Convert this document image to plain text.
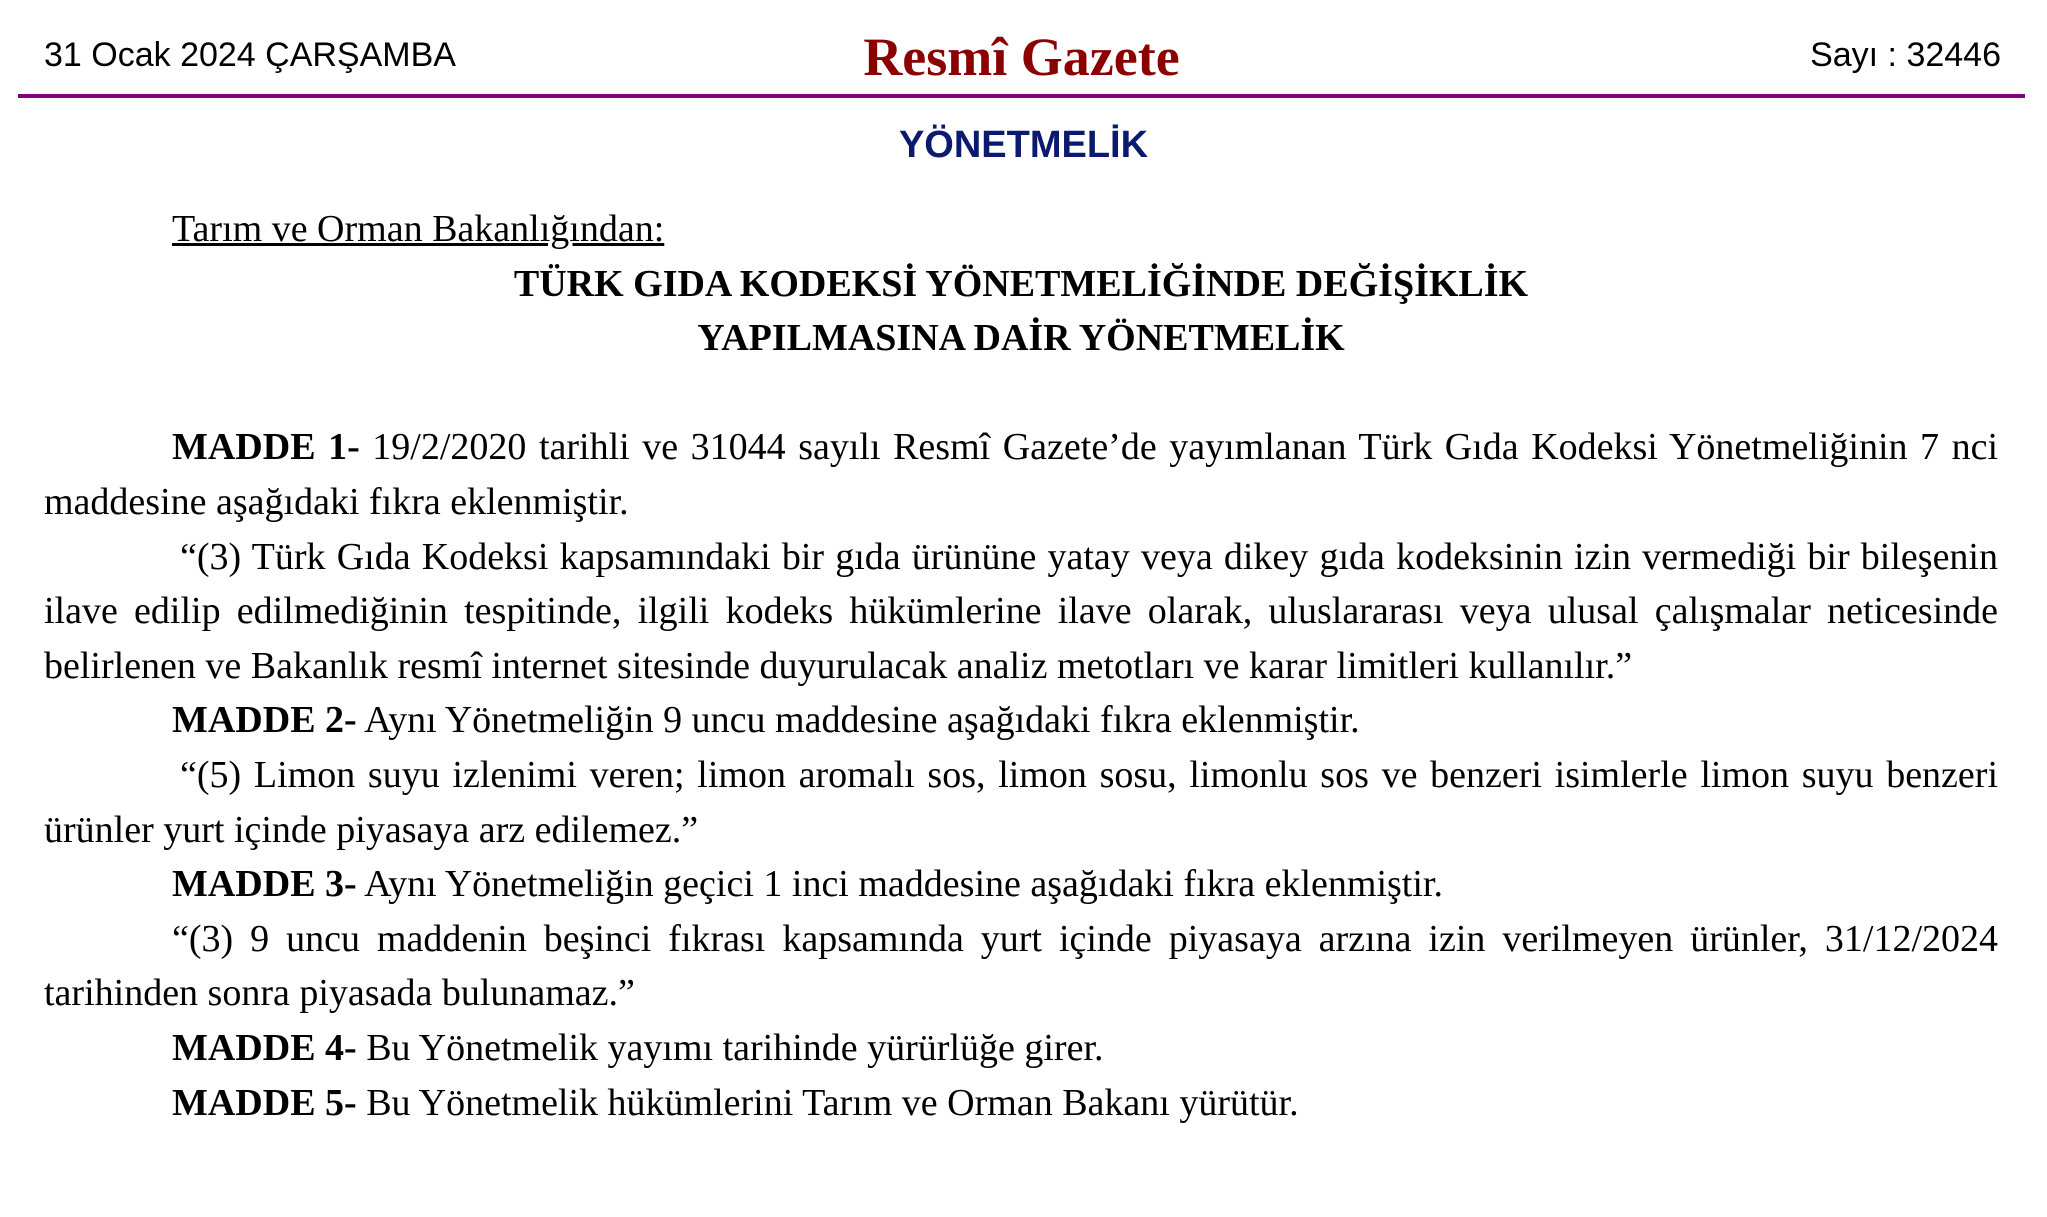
31 Ocak 2024 ÇARŞAMBA	Resmî Gazete	Sayı : 32446
YÖNETMELİK
Tarım ve Orman Bakanlığından:
TÜRK GIDA KODEKSİ YÖNETMELİĞİNDE DEĞİŞİKLİK
YAPILMASINA DAİR YÖNETMELİK

MADDE 1- 19/2/2020 tarihli ve 31044 sayılı Resmî Gazete’de yayımlanan Türk Gıda Kodeksi Yönetmeliğinin 7 nci maddesine aşağıdaki fıkra eklenmiştir.

“(3) Türk Gıda Kodeksi kapsamındaki bir gıda ürününe yatay veya dikey gıda kodeksinin izin vermediği bir bileşenin ilave edilip edilmediğinin tespitinde, ilgili kodeks hükümlerine ilave olarak, uluslararası veya ulusal çalışmalar neticesinde belirlenen ve Bakanlık resmî internet sitesinde duyurulacak analiz metotları ve karar limitleri kullanılır.”

MADDE 2- Aynı Yönetmeliğin 9 uncu maddesine aşağıdaki fıkra eklenmiştir.

“(5) Limon suyu izlenimi veren; limon aromalı sos, limon sosu, limonlu sos ve benzeri isimlerle limon suyu benzeri ürünler yurt içinde piyasaya arz edilemez.”

MADDE 3- Aynı Yönetmeliğin geçici 1 inci maddesine aşağıdaki fıkra eklenmiştir.

“(3) 9 uncu maddenin beşinci fıkrası kapsamında yurt içinde piyasaya arzına izin verilmeyen ürünler, 31/12/2024 tarihinden sonra piyasada bulunamaz.”

MADDE 4- Bu Yönetmelik yayımı tarihinde yürürlüğe girer.

MADDE 5- Bu Yönetmelik hükümlerini Tarım ve Orman Bakanı yürütür.
